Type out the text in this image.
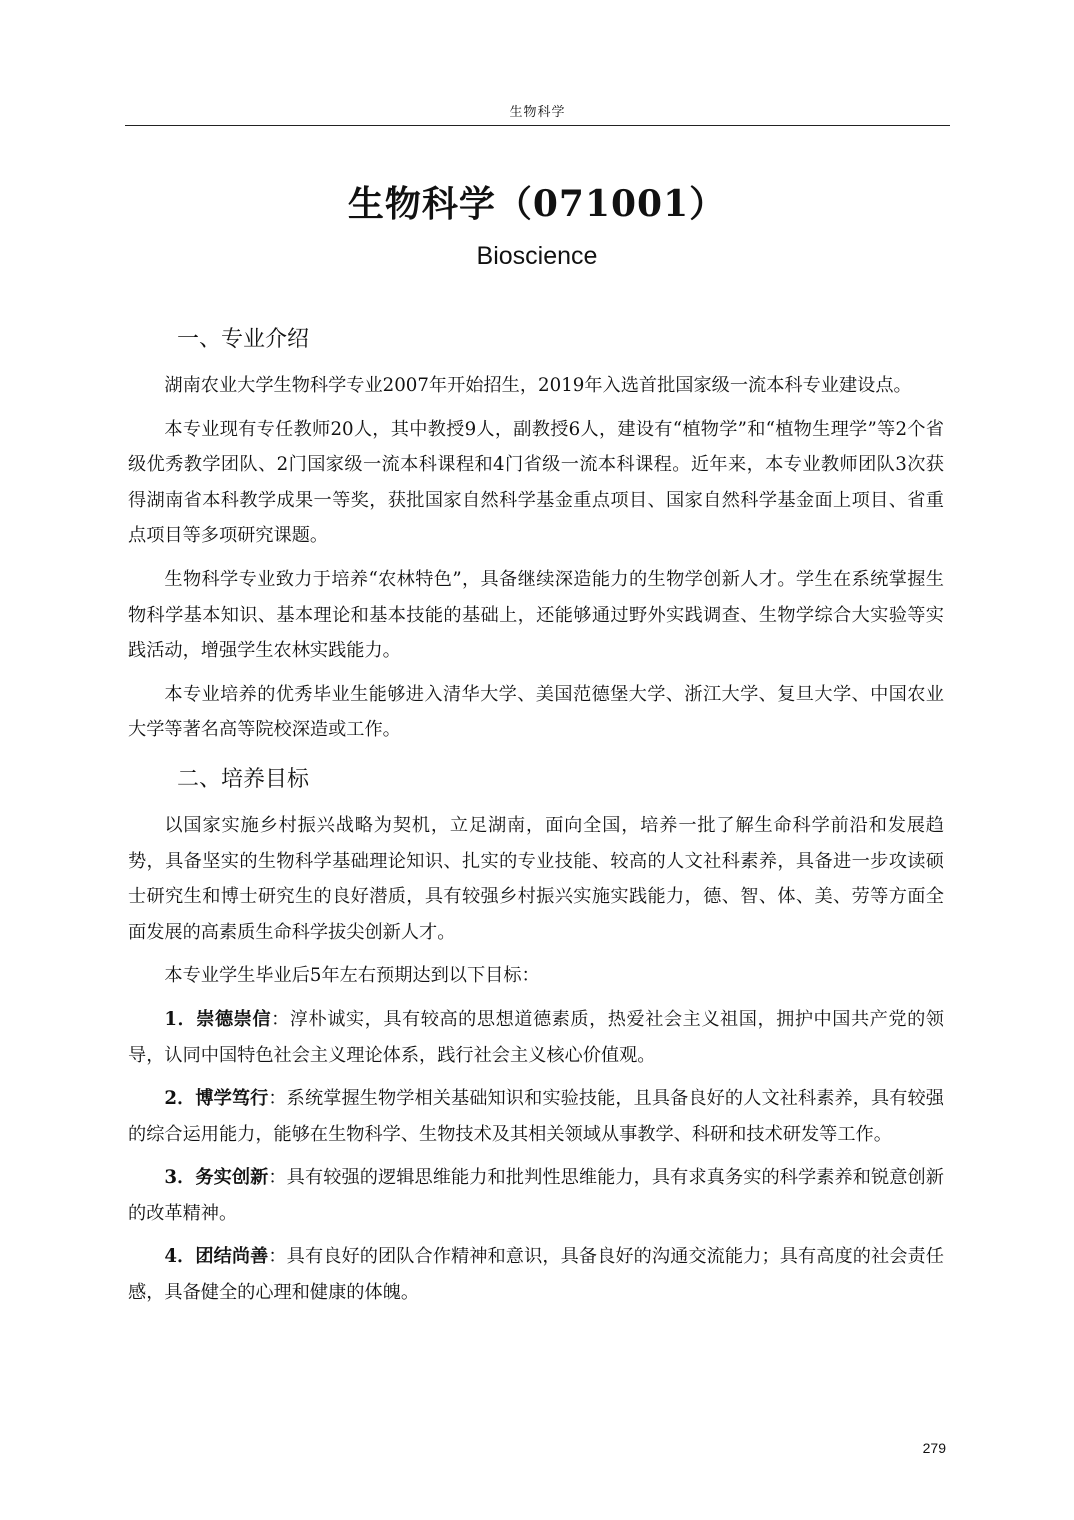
生物科学
生物科学（071001）
Bioscience
一、专业介绍

湖南农业大学生物科学专业2007年开始招生，2019年入选首批国家级一流本科专业建设点。

本专业现有专任教师20人，其中教授9人，副教授6人，建设有“植物学”和“植物生理学”等2个省级优秀教学团队、2门国家级一流本科课程和4门省级一流本科课程。近年来，本专业教师团队3次获得湖南省本科教学成果一等奖，获批国家自然科学基金重点项目、国家自然科学基金面上项目、省重点项目等多项研究课题。

生物科学专业致力于培养“农林特色”，具备继续深造能力的生物学创新人才。学生在系统掌握生物科学基本知识、基本理论和基本技能的基础上，还能够通过野外实践调查、生物学综合大实验等实践活动，增强学生农林实践能力。

本专业培养的优秀毕业生能够进入清华大学、美国范德堡大学、浙江大学、复旦大学、中国农业大学等著名高等院校深造或工作。

二、培养目标

以国家实施乡村振兴战略为契机，立足湖南，面向全国，培养一批了解生命科学前沿和发展趋势，具备坚实的生物科学基础理论知识、扎实的专业技能、较高的人文社科素养，具备进一步攻读硕士研究生和博士研究生的良好潜质，具有较强乡村振兴实施实践能力，德、智、体、美、劳等方面全面发展的高素质生命科学拔尖创新人才。

本专业学生毕业后5年左右预期达到以下目标：

1．崇德崇信：淳朴诚实，具有较高的思想道德素质，热爱社会主义祖国，拥护中国共产党的领导，认同中国特色社会主义理论体系，践行社会主义核心价值观。

2．博学笃行：系统掌握生物学相关基础知识和实验技能，且具备良好的人文社科素养，具有较强的综合运用能力，能够在生物科学、生物技术及其相关领域从事教学、科研和技术研发等工作。

3．务实创新：具有较强的逻辑思维能力和批判性思维能力，具有求真务实的科学素养和锐意创新的改革精神。

4．团结尚善：具有良好的团队合作精神和意识，具备良好的沟通交流能力；具有高度的社会责任感，具备健全的心理和健康的体魄。

279
